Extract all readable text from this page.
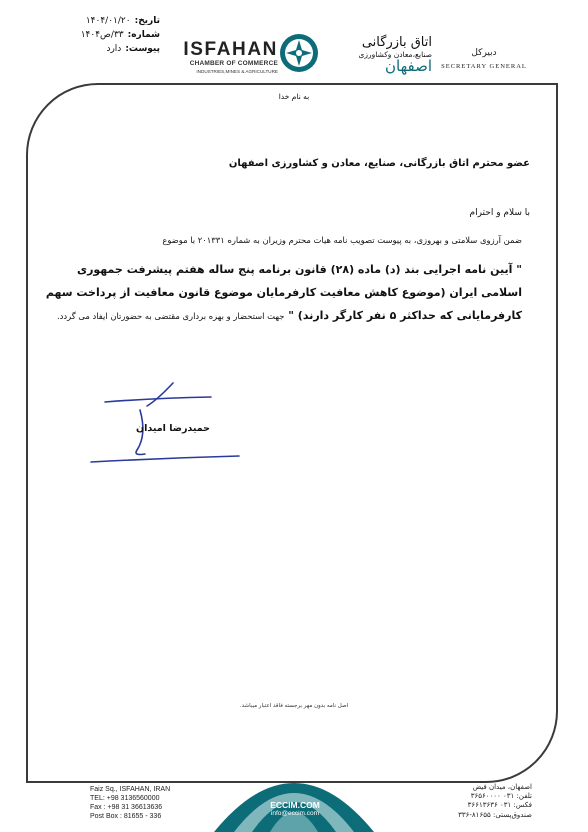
تاریخ:
۱۴۰۴/۰۱/۲۰
شماره:
۳۳/ص۱۴۰۴
پیوست:
دارد	ISFAHAN
CHAMBER OF COMMERCE
INDUSTRIES,MINES & AGRICULTURE
اتاق بازرگانی
صنایع،معادن وکشاورزی
اصفهان
دبیرکل
SECRETARY GENERAL
به نام خدا
عضو محترم اتاق بازرگانی، صنایع، معادن و کشاورزی اصفهان
با سلام و احترام
ضمن آرزوی سلامتی و بهروزی، به پیوست تصویب نامه هیات محترم وزیران به شماره ۲۰۱۳۳۱ با موضوع
" آیین نامه اجرایی بند (د) ماده (۲۸) قانون برنامه پنج ساله هفتم پیشرفت جمهوری اسلامی ایران (موضوع کاهش معافیت کارفرمایان موضوع قانون معافیت از پرداخت سهم کارفرمایانی که حداکثر ۵ نفر کارگر دارند) " جهت استحضار و بهره برداری مقتضی به حضورتان ایفاد می گردد.
حمیدرضا امیدان
اصل نامه بدون مهر برجسته فاقد اعتبار میباشد.
Faiz Sq., ISFAHAN, IRAN
TEL: +98 3136560000
Fax : +98 31 36613636
Post Box : 81655 - 336
ECCIM.COM
info@eccim.com
اصفهان، میدان فیض
تلفن: ۰۳۱ ۳۶۵۶۰۰۰۰
فکس: ۰۳۱ ۳۶۶۱۳۶۳۶
صندوق‌پستی: ۸۱۶۵۵-۳۳۶
